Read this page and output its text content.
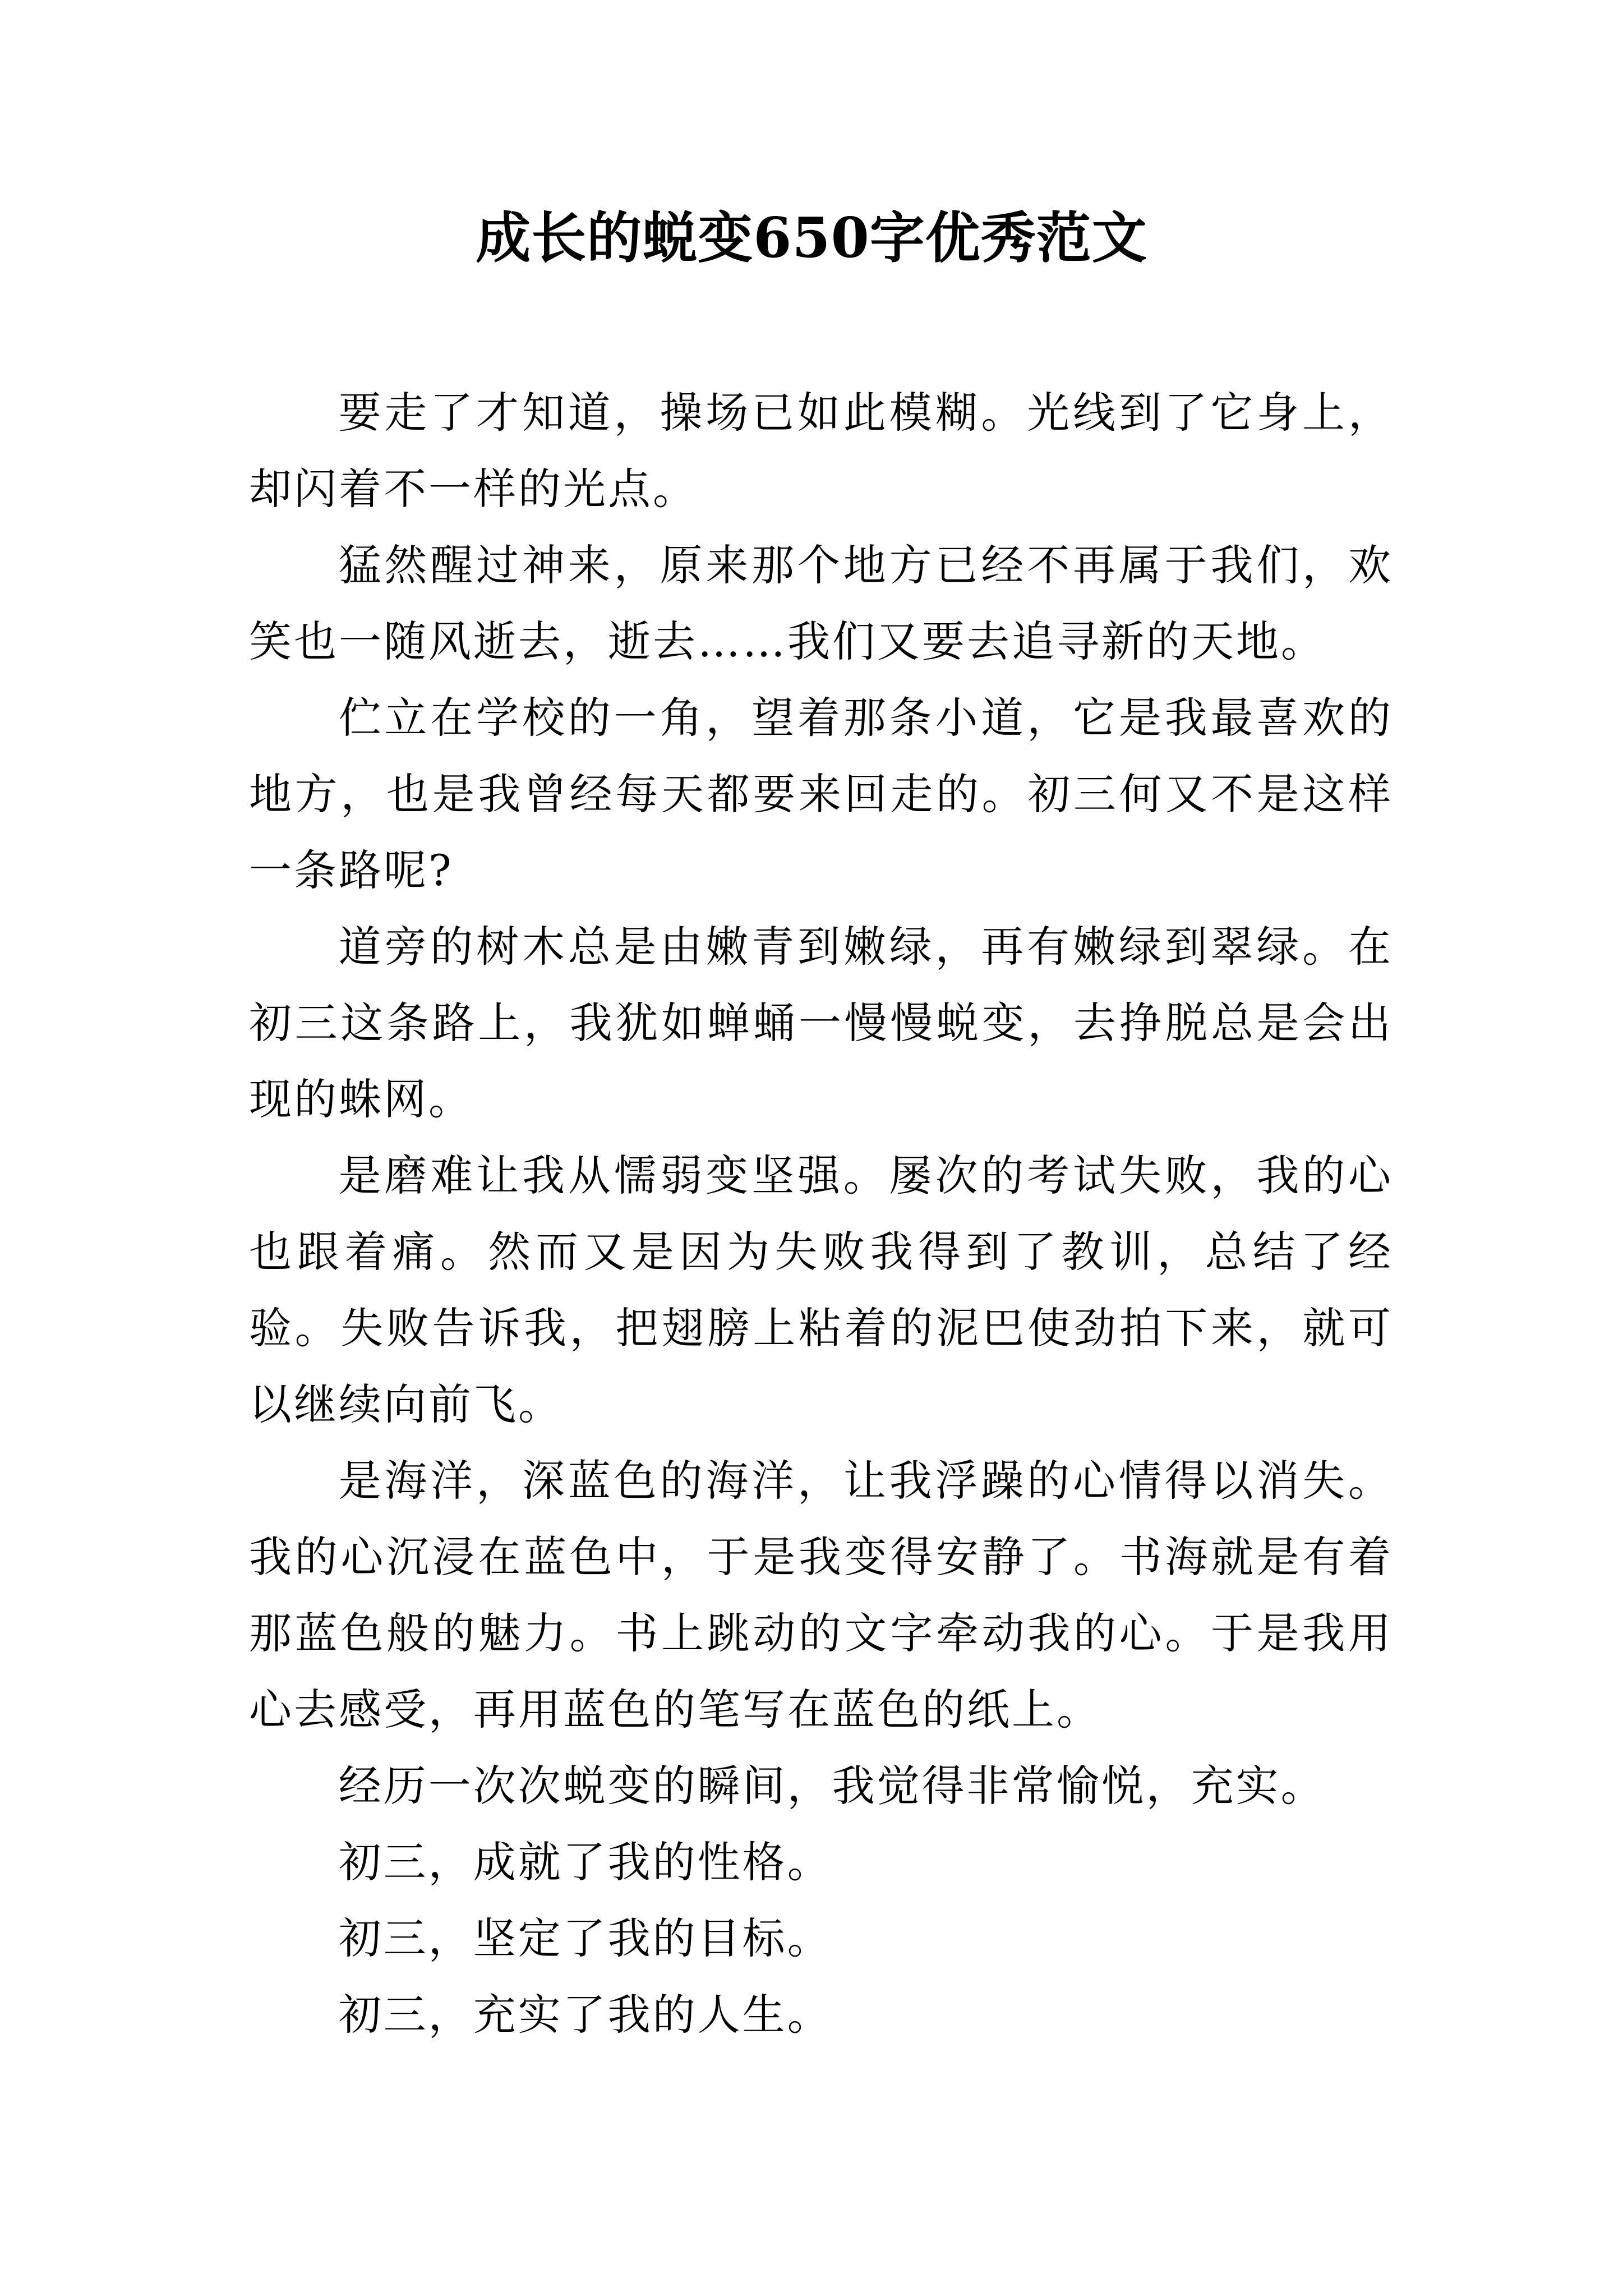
成长的蜕变650字优秀范文

要走了才知道，操场已如此模糊。光线到了它身上，却闪着不一样的光点。

猛然醒过神来，原来那个地方已经不再属于我们，欢笑也一随风逝去，逝去……我们又要去追寻新的天地。

伫立在学校的一角，望着那条小道，它是我最喜欢的地方，也是我曾经每天都要来回走的。初三何又不是这样一条路呢?

道旁的树木总是由嫩青到嫩绿，再有嫩绿到翠绿。在初三这条路上，我犹如蝉蛹一慢慢蜕变，去挣脱总是会出现的蛛网。

是磨难让我从懦弱变坚强。屡次的考试失败，我的心也跟着痛。然而又是因为失败我得到了教训，总结了经验。失败告诉我，把翅膀上粘着的泥巴使劲拍下来，就可以继续向前飞。

是海洋，深蓝色的海洋，让我浮躁的心情得以消失。我的心沉浸在蓝色中，于是我变得安静了。书海就是有着那蓝色般的魅力。书上跳动的文字牵动我的心。于是我用心去感受，再用蓝色的笔写在蓝色的纸上。

经历一次次蜕变的瞬间，我觉得非常愉悦，充实。

初三，成就了我的性格。

初三，坚定了我的目标。

初三，充实了我的人生。
